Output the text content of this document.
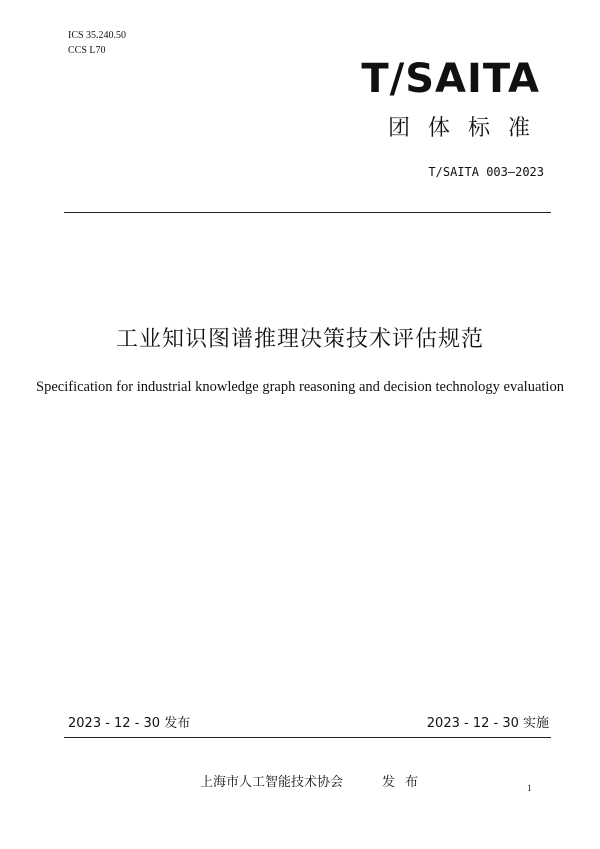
ICS 35.240.50
CCS L70
T/SAITA
团体标准
T/SAITA 003—2023
工业知识图谱推理决策技术评估规范
Specification for industrial knowledge graph reasoning and decision technology evaluation
2023 - 12 - 30 发布	2023 - 12 - 30 实施
上海市人工智能技术协会	发布	1
